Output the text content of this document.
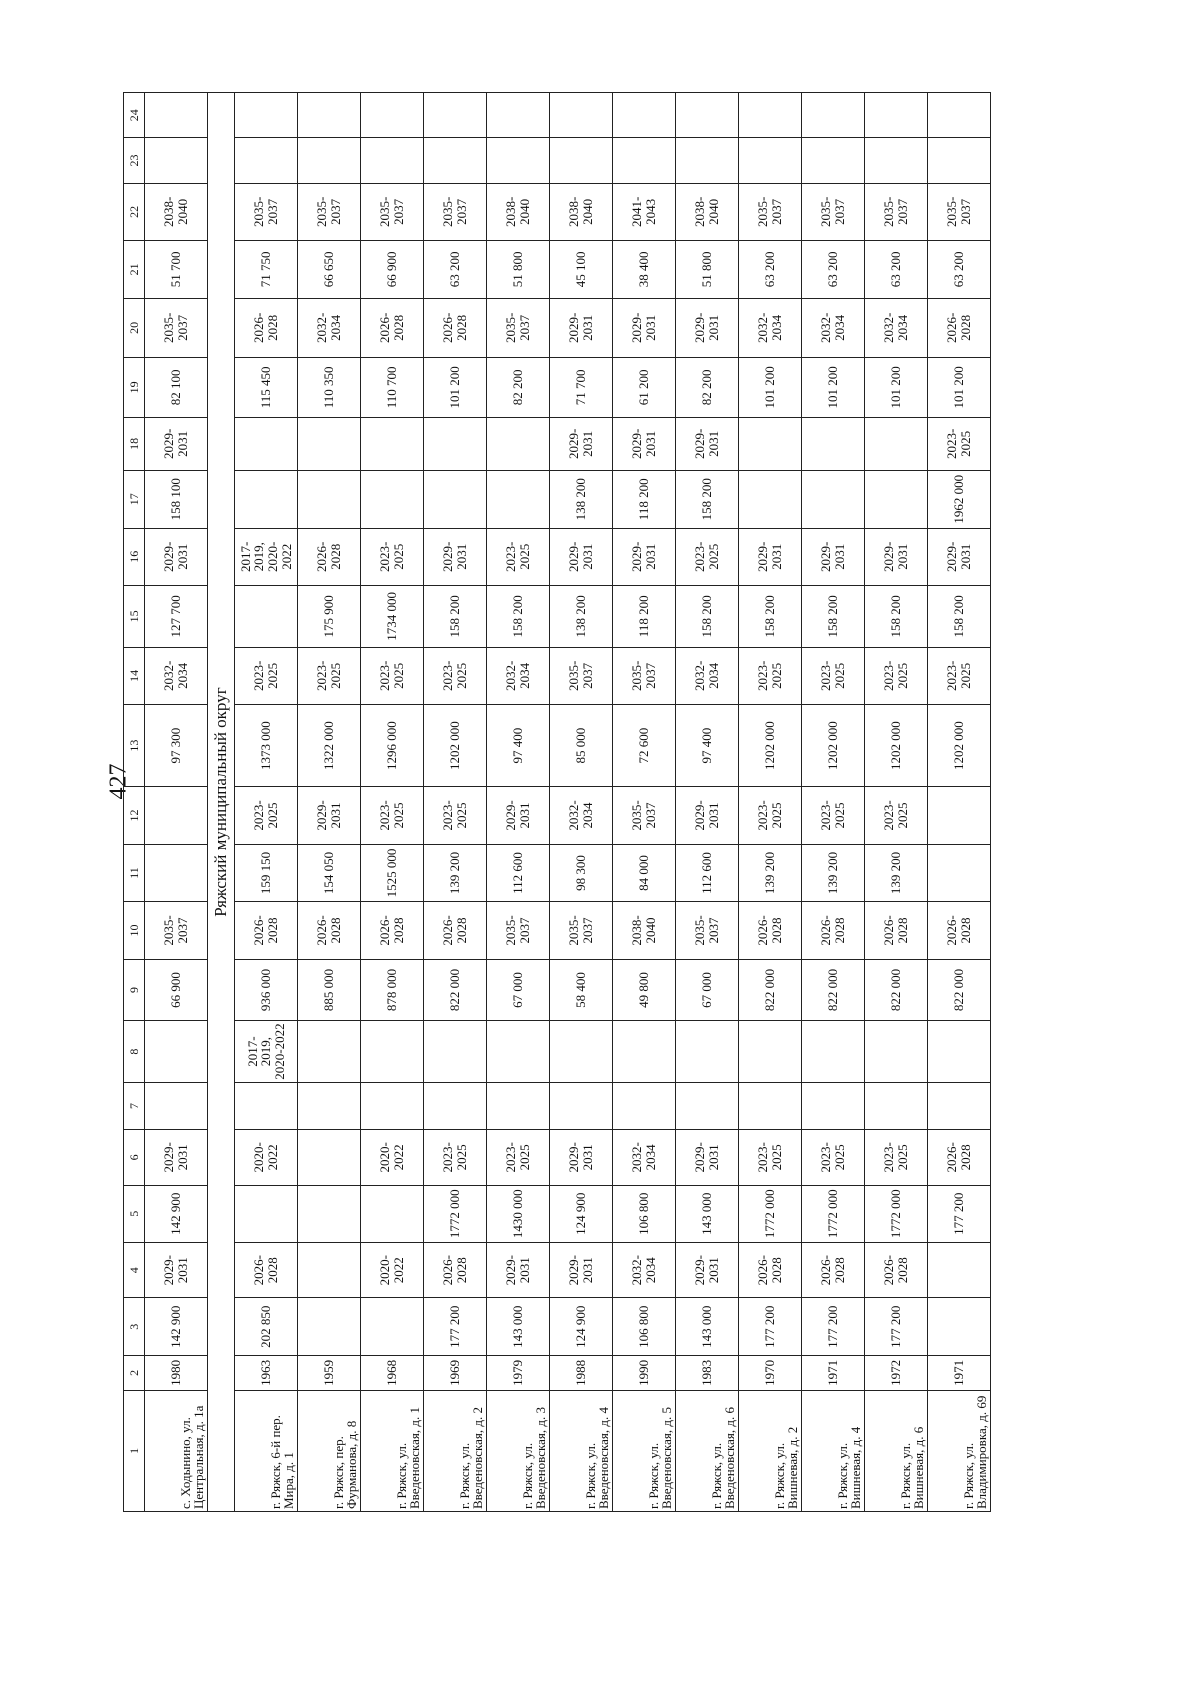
427
1	2	3	4	5	6	7	8	9	10	11	12	13	14	15	16	17	18	19	20	21	22	23	24
с. Ходынино, ул. Центральная, д. 1а	1980	142 900	2029-2031	142 900	2029-2031			66 900	2035-2037			97 300	2032-2034	127 700	2029-2031	158 100	2029-2031	82 100	2035-2037	51 700	2038-2040		
Ряжский муниципальный округ																							
г. Ряжск, 6-й пер. Мира, д. 1	1963	202 850	2026-2028		2020-2022		2017-2019, 2020-2022	936 000	2026-2028	159 150	2023-2025	1373 000	2023-2025		2017-2019, 2020-2022			115 450	2026-2028	71 750	2035-2037		
г. Ряжск, пер. Фурманова, д. 8	1959							885 000	2026-2028	154 050	2029-2031	1322 000	2023-2025	175 900	2026-2028			110 350	2032-2034	66 650	2035-2037		
г. Ряжск, ул. Введеновская, д. 1	1968		2020-2022		2020-2022			878 000	2026-2028	1525 000	2023-2025	1296 000	2023-2025	1734 000	2023-2025			110 700	2026-2028	66 900	2035-2037		
г. Ряжск, ул. Введеновская, д. 2	1969	177 200	2026-2028	1772 000	2023-2025			822 000	2026-2028	139 200	2023-2025	1202 000	2023-2025	158 200	2029-2031			101 200	2026-2028	63 200	2035-2037		
г. Ряжск, ул. Введеновская, д. 3	1979	143 000	2029-2031	1430 000	2023-2025			67 000	2035-2037	112 600	2029-2031	97 400	2032-2034	158 200	2023-2025			82 200	2035-2037	51 800	2038-2040		
г. Ряжск, ул. Введеновская, д. 4	1988	124 900	2029-2031	124 900	2029-2031			58 400	2035-2037	98 300	2032-2034	85 000	2035-2037	138 200	2029-2031	138 200	2029-2031	71 700	2029-2031	45 100	2038-2040		
г. Ряжск, ул. Введеновская, д. 5	1990	106 800	2032-2034	106 800	2032-2034			49 800	2038-2040	84 000	2035-2037	72 600	2035-2037	118 200	2029-2031	118 200	2029-2031	61 200	2029-2031	38 400	2041-2043		
г. Ряжск, ул. Введеновская, д. 6	1983	143 000	2029-2031	143 000	2029-2031			67 000	2035-2037	112 600	2029-2031	97 400	2032-2034	158 200	2023-2025	158 200	2029-2031	82 200	2029-2031	51 800	2038-2040		
г. Ряжск, ул. Вишневая, д. 2	1970	177 200	2026-2028	1772 000	2023-2025			822 000	2026-2028	139 200	2023-2025	1202 000	2023-2025	158 200	2029-2031			101 200	2032-2034	63 200	2035-2037		
г. Ряжск, ул. Вишневая, д. 4	1971	177 200	2026-2028	1772 000	2023-2025			822 000	2026-2028	139 200	2023-2025	1202 000	2023-2025	158 200	2029-2031			101 200	2032-2034	63 200	2035-2037		
г. Ряжск, ул. Вишневая, д. 6	1972	177 200	2026-2028	1772 000	2023-2025			822 000	2026-2028	139 200	2023-2025	1202 000	2023-2025	158 200	2029-2031			101 200	2032-2034	63 200	2035-2037		
г. Ряжск, ул. Владимировка, д. 69	1971			177 200	2026-2028			822 000	2026-2028			1202 000	2023-2025	158 200	2029-2031	1962 000	2023-2025	101 200	2026-2028	63 200	2035-2037		
